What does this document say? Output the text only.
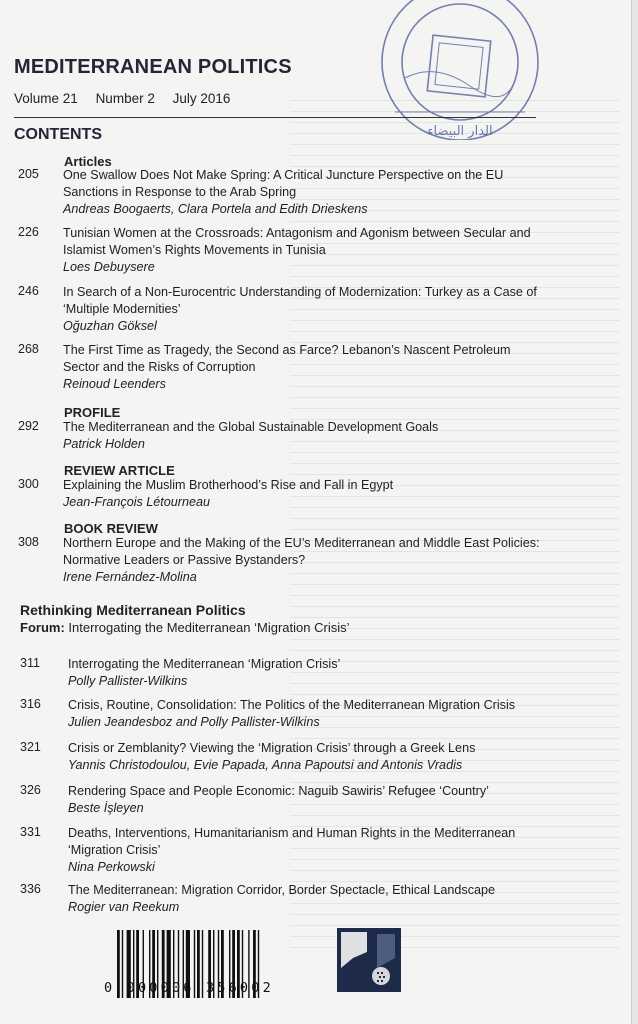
الدار البيضاء
MEDITERRANEAN POLITICS
Volume 21 Number 2 July 2016
CONTENTS
Articles
205 One Swallow Does Not Make Spring: A Critical Juncture Perspective on the EU Sanctions in Response to the Arab Spring
Andreas Boogaerts, Clara Portela and Edith Drieskens
226 Tunisian Women at the Crossroads: Antagonism and Agonism between Secular and Islamist Women’s Rights Movements in Tunisia
Loes Debuysere
246 In Search of a Non-Eurocentric Understanding of Modernization: Turkey as a Case of ‘Multiple Modernities’
Oğuzhan Göksel
268 The First Time as Tragedy, the Second as Farce? Lebanon’s Nascent Petroleum Sector and the Risks of Corruption
Reinoud Leenders
PROFILE
292 The Mediterranean and the Global Sustainable Development Goals
Patrick Holden
REVIEW ARTICLE
300 Explaining the Muslim Brotherhood’s Rise and Fall in Egypt
Jean-François Létourneau
BOOK REVIEW
308 Northern Europe and the Making of the EU’s Mediterranean and Middle East Policies: Normative Leaders or Passive Bystanders?
Irene Fernández-Molina
Rethinking Mediterranean Politics
Forum: Interrogating the Mediterranean ‘Migration Crisis’
311 Interrogating the Mediterranean ‘Migration Crisis’
Polly Pallister-Wilkins
316 Crisis, Routine, Consolidation: The Politics of the Mediterranean Migration Crisis
Julien Jeandesboz and Polly Pallister-Wilkins
321 Crisis or Zemblanity? Viewing the ‘Migration Crisis’ through a Greek Lens
Yannis Christodoulou, Evie Papada, Anna Papoutsi and Antonis Vradis
326 Rendering Space and People Economic: Naguib Sawiris’ Refugee ‘Country’
Beste İşleyen
331 Deaths, Interventions, Humanitarianism and Human Rights in the Mediterranean ‘Migration Crisis’
Nina Perkowski
336 The Mediterranean: Migration Corridor, Border Spectacle, Ethical Landscape
Rogier van Reekum
0 000006 356002
